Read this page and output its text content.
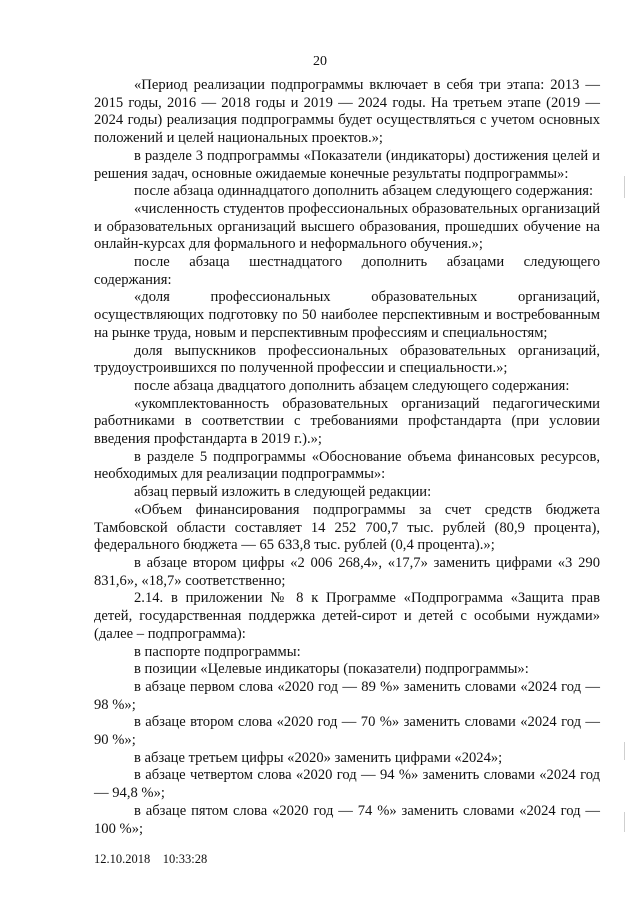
20

«Период реализации подпрограммы включает в себя три этапа: 2013 — 2015 годы, 2016 — 2018 годы и 2019 — 2024 годы. На третьем этапе (2019 — 2024 годы) реализация подпрограммы будет осуществляться с учетом основных положений и целей национальных проектов.»;

в разделе 3 подпрограммы «Показатели (индикаторы) достижения целей и решения задач, основные ожидаемые конечные результаты подпрограммы»:

после абзаца одиннадцатого дополнить абзацем следующего содержания:

«численность студентов профессиональных образовательных организаций и образовательных организаций высшего образования, прошедших обучение на онлайн-курсах для формального и неформального обучения.»;

после абзаца шестнадцатого дополнить абзацами следующего содержания:

«доля профессиональных образовательных организаций, осуществляющих подготовку по 50 наиболее перспективным и востребованным на рынке труда, новым и перспективным профессиям и специальностям;

доля выпускников профессиональных образовательных организаций, трудоустроившихся по полученной профессии и специальности.»;

после абзаца двадцатого дополнить абзацем следующего содержания:

«укомплектованность образовательных организаций педагогическими работниками в соответствии с требованиями профстандарта (при условии введения профстандарта в 2019 г.).»;

в разделе 5 подпрограммы «Обоснование объема финансовых ресурсов, необходимых для реализации подпрограммы»:

абзац первый изложить в следующей редакции:

«Объем финансирования подпрограммы за счет средств бюджета Тамбовской области составляет 14 252 700,7 тыс. рублей (80,9 процента), федерального бюджета — 65 633,8 тыс. рублей (0,4 процента).»;

в абзаце втором цифры «2 006 268,4», «17,7» заменить цифрами «3 290 831,6», «18,7» соответственно;

2.14. в приложении № 8 к Программе «Подпрограмма «Защита прав детей, государственная поддержка детей-сирот и детей с особыми нуждами» (далее – подпрограмма):

в паспорте подпрограммы:

в позиции «Целевые индикаторы (показатели) подпрограммы»:

в абзаце первом слова «2020 год — 89 %» заменить словами «2024 год — 98 %»;

в абзаце втором слова «2020 год — 70 %» заменить словами «2024 год — 90 %»;

в абзаце третьем цифры «2020» заменить цифрами «2024»;

в абзаце четвертом слова «2020 год — 94 %» заменить словами «2024 год — 94,8 %»;

в абзаце пятом слова «2020 год — 74 %» заменить словами «2024 год — 100 %»;

12.10.2018 10:33:28
